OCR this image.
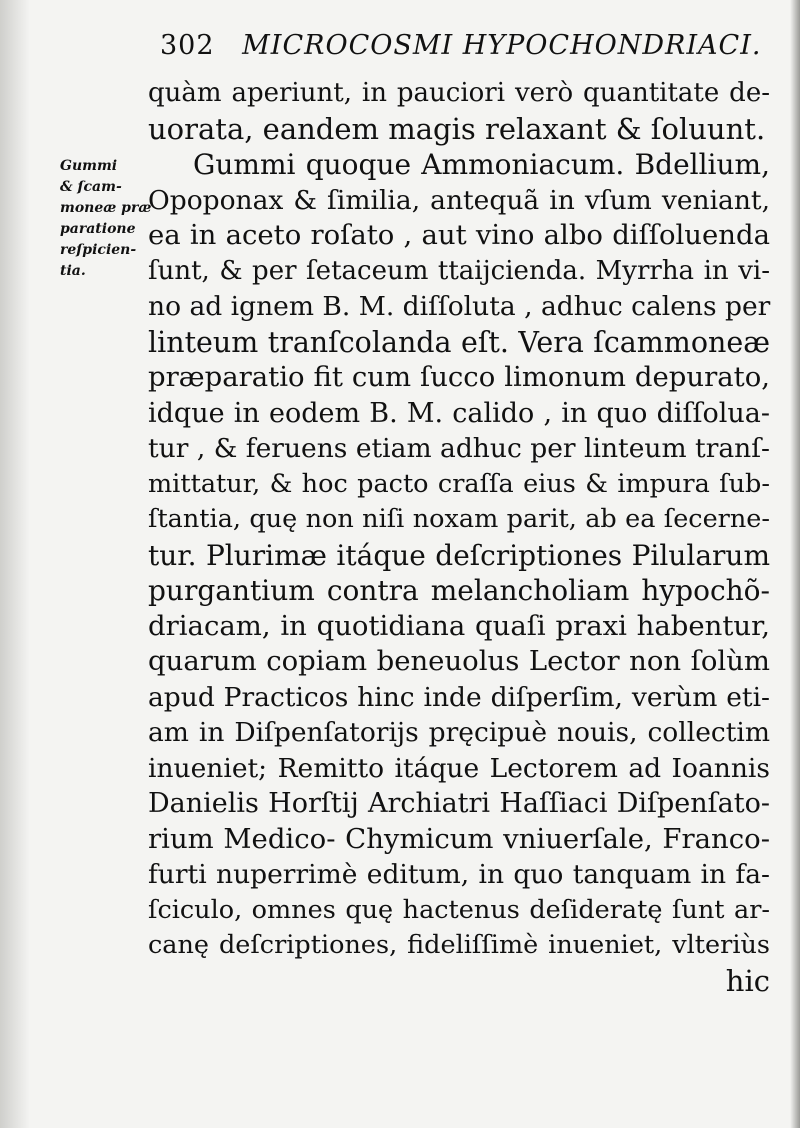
302 MICROCOSMI HYPOCHONDRIACI.
Gummi
& ſcam-
moneæ præ
paratione
reſpicien-
tia.
quàm aperiunt, in pauciori verò quantitate de-
uorata, eandem magis relaxant & ſoluunt.
Gummi quoque Ammoniacum. Bdellium,
Opoponax & ſimilia, antequã in vſum veniant,
ea in aceto roſato , aut vino albo diſſoluenda
ſunt, & per ſetaceum ttaijcienda. Myrrha in vi-
no ad ignem B. M. diſſoluta , adhuc calens per
linteum tranſcolanda eſt. Vera ſcammoneæ
præparatio fit cum ſucco limonum depurato,
idque in eodem B. M. calido , in quo diſſolua-
tur , & feruens etiam adhuc per linteum tranſ-
mittatur, & hoc pacto craſſa eius & impura ſub-
ſtantia, quę non niſi noxam parit, ab ea ſecerne-
tur. Plurimæ itáque deſcriptiones Pilularum
purgantium contra melancholiam hypochõ-
driacam, in quotidiana quaſi praxi habentur,
quarum copiam beneuolus Lector non ſolùm
apud Practicos hinc inde diſperſim, verùm eti-
am in Diſpenſatorijs pręcipuè nouis, collectim
inueniet; Remitto itáque Lectorem ad Ioannis
Danielis Horſtij Archiatri Haſſiaci Diſpenſato-
rium Medico- Chymicum vniuerſale, Franco-
furti nuperrimè editum, in quo tanquam in fa-
ſciculo, omnes quę hactenus deſideratę ſunt ar-
canę deſcriptiones, fideliſſimè inueniet, vlteriùs
hic
